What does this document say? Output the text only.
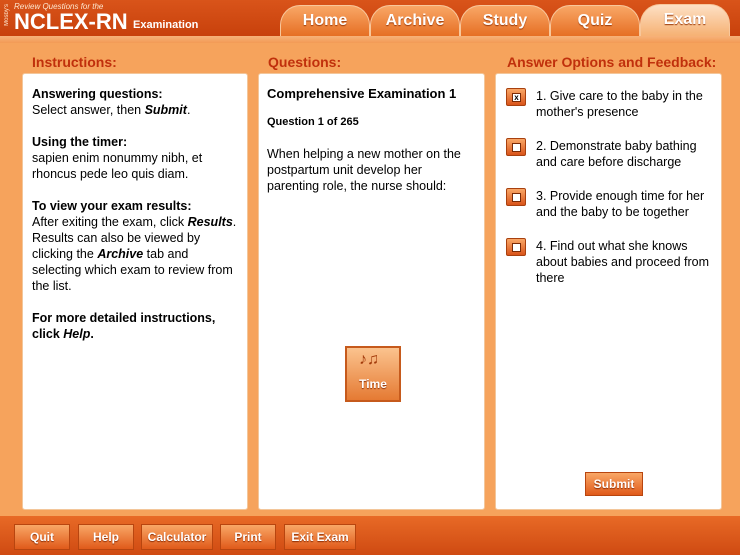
Mosby's Review Questions for the
NCLEX-RN Examination	Home	Archive	Study	Quiz	Exam
Instructions:	Questions:	Answer Options and Feedback:
Answering questions:
Select answer, then Submit.
Using the timer:
sapien enim nonummy nibh, et rhoncus pede leo quis diam.
To view your exam results:
After exiting the exam, click Results. Results can also be viewed by clicking the Archive tab and selecting which exam to review from the list.
For more detailed instructions, click Help.
Comprehensive Examination 1
Question 1 of 265
When helping a new mother on the postpartum unit develop her parenting role, the nurse should:
♪♫
Time
x 1. Give care to the baby in the mother's presence
2. Demonstrate baby bathing and care before discharge
3. Provide enough time for her and the baby to be together
4. Find out what she knows about babies and proceed from there
Submit
Quit	Help	Calculator	Print	Exit Exam
